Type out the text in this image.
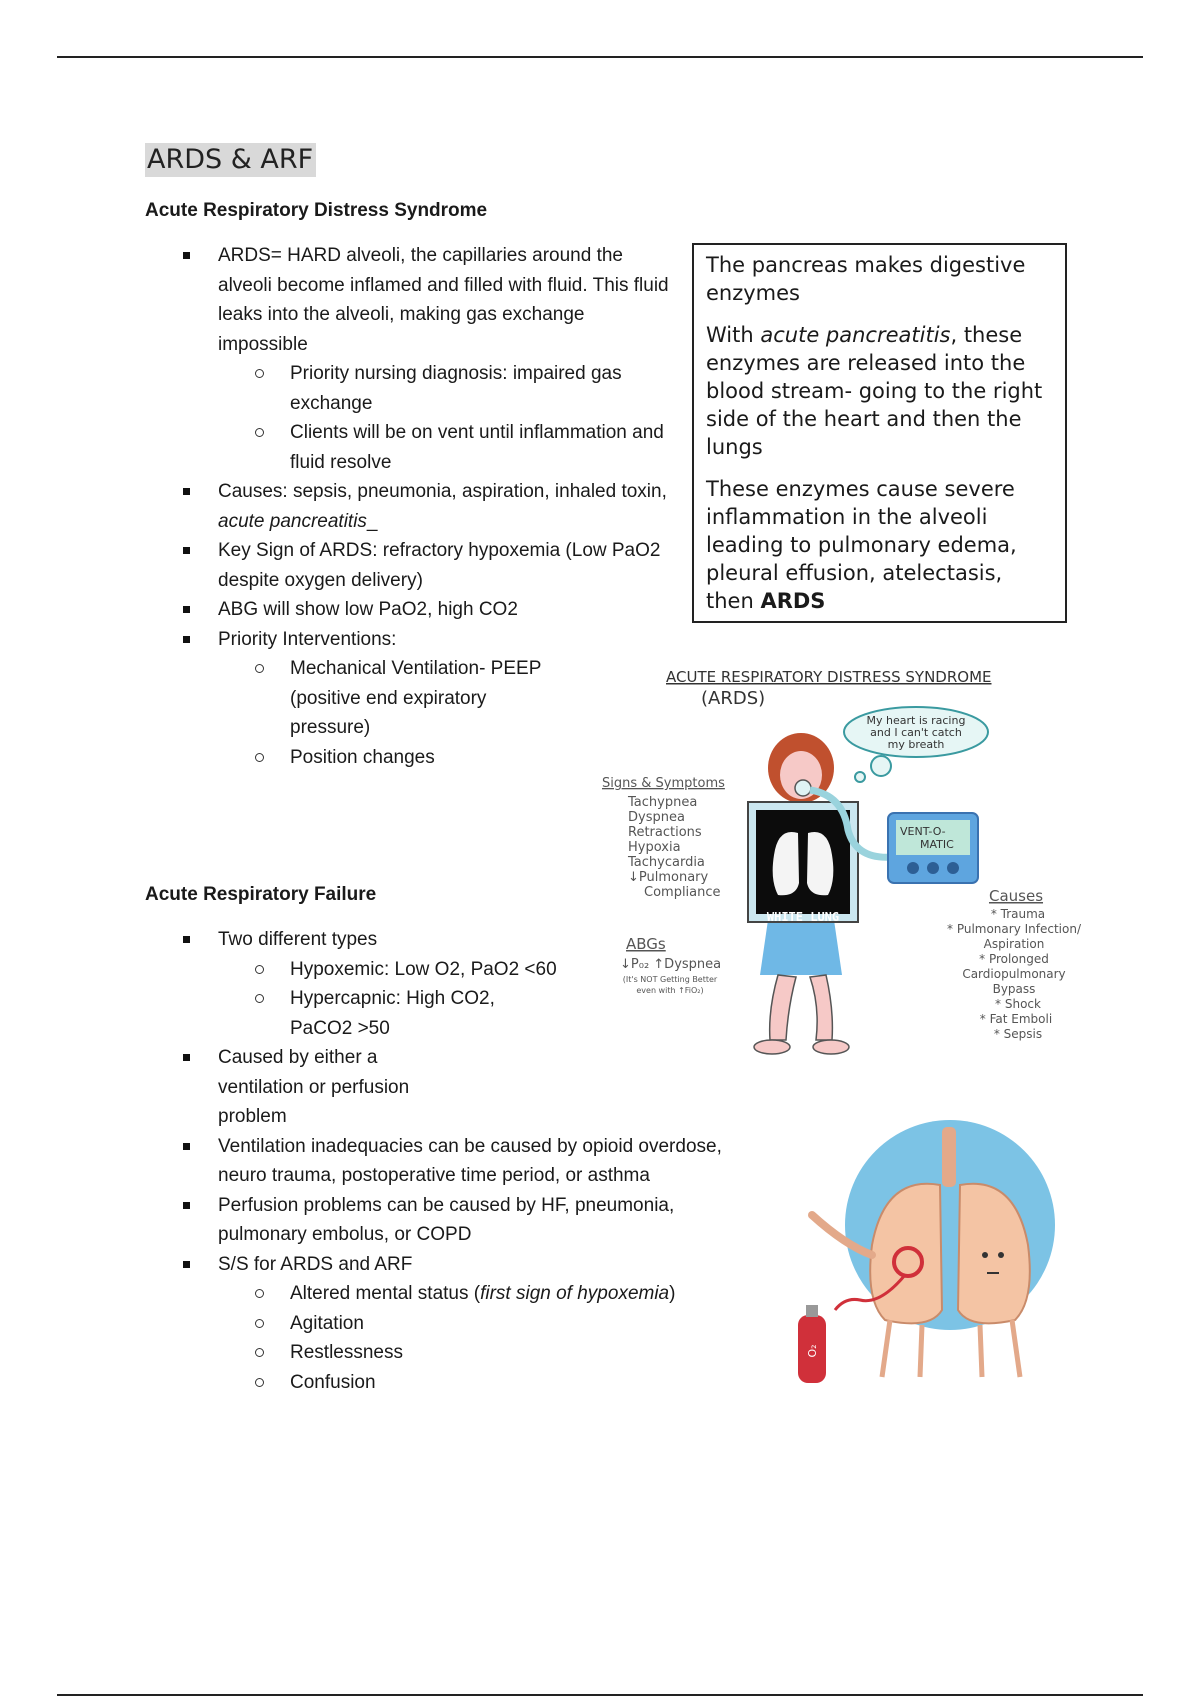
ARDS & ARF
Acute Respiratory Distress Syndrome
ARDS= HARD alveoli, the capillaries around the alveoli become inflamed and filled with fluid. This fluid leaks into the alveoli, making gas exchange impossible
Priority nursing diagnosis: impaired gas exchange
Clients will be on vent until inflammation and fluid resolve
Causes: sepsis, pneumonia, aspiration, inhaled toxin, acute pancreatitis_
Key Sign of ARDS: refractory hypoxemia (Low PaO2 despite oxygen delivery)
ABG will show low PaO2, high CO2
Priority Interventions:
Mechanical Ventilation- PEEP (positive end expiratory pressure)
Position changes

The pancreas makes digestive enzymes

With acute pancreatitis, these enzymes are released into the blood stream- going to the right side of the heart and then the lungs

These enzymes cause severe inflammation in the alveoli leading to pulmonary edema, pleural effusion, atelectasis, then ARDS

ACUTE RESPIRATORY DISTRESS SYNDROME
(ARDS)
My heart is racing
and I can't catch
my breath
Signs & Symptoms
Tachypnea
Dyspnea
Retractions
Hypoxia
Tachycardia
↓Pulmonary
Compliance
ABGs
↓P₀₂ ↑Dyspnea
(It's NOT Getting Better
even with ↑FiO₂)
WHITE LUNG
VENT-O-
MATIC
Causes
* Trauma
* Pulmonary Infection/
Aspiration
* Prolonged
Cardiopulmonary
Bypass
* Shock
* Fat Emboli
* Sepsis
Acute Respiratory Failure
Two different types
Hypoxemic: Low O2, PaO2 <60
Hypercapnic: High CO2, PaCO2 >50
Caused by either a ventilation or perfusion problem
Ventilation inadequacies can be caused by opioid overdose, neuro trauma, postoperative time period, or asthma
Perfusion problems can be caused by HF, pneumonia, pulmonary embolus, or COPD
S/S for ARDS and ARF
Altered mental status (first sign of hypoxemia)
Agitation
Restlessness
Confusion
O₂
